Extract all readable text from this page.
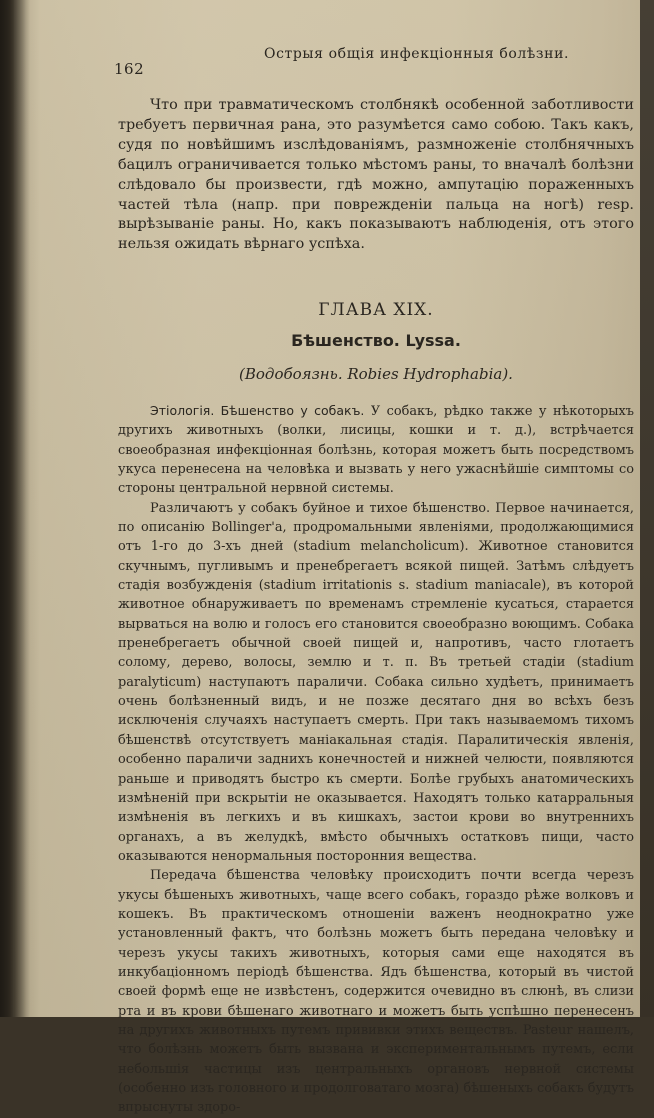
162
Острыя общiя инфекцiонныя болѣзни.

Что при травматическомъ столбнякѣ особенной заботливости требуетъ первичная рана, это разумѣется само собою. Такъ какъ, судя по новѣйшимъ изслѣдованiямъ, размноженiе столбнячныхъ бацилъ ограничивается только мѣстомъ раны, то вначалѣ болѣзни слѣдовало бы произвести, гдѣ можно, ампутацiю пораженныхъ частей тѣла (напр. при поврежденiи пальца на ногѣ) resp. вырѣзыванiе раны. Но, какъ показываютъ наблюденiя, отъ этого нельзя ожидать вѣрнаго успѣха.

ГЛАВА XIX.
Бѣшенство. Lyssa.
(Водобоязнь. Robies Hydrophabia).

Этiологiя. Бѣшенство у собакъ. У собакъ, рѣдко также у нѣкоторыхъ другихъ животныхъ (волки, лисицы, кошки и т. д.), встрѣчается своеобразная инфекцiонная болѣзнь, которая можетъ быть посредствомъ укуса перенесена на человѣка и вызвать у него ужаснѣйшiе симптомы со стороны центральной нервной системы.

Различаютъ у собакъ буйное и тихое бѣшенство. Первое начинается, по описанiю Bollinger'а, продромальными явленiями, продолжающимися отъ 1-го до 3-хъ дней (stadium melancholicum). Животное становится скучнымъ, пугливымъ и пренебрегаетъ всякой пищей. Затѣмъ слѣдуетъ стадiя возбужденiя (stadium irritationis s. stadium maniacale), въ которой животное обнаруживаетъ по временамъ стремленiе кусаться, старается вырваться на волю и голосъ его становится своеобразно воющимъ. Собака пренебрегаетъ обычной своей пищей и, напротивъ, часто глотаетъ солому, дерево, волосы, землю и т. п. Въ третьей стадiи (stadium paralyticum) наступаютъ параличи. Собака сильно худѣетъ, принимаетъ очень болѣзненный видъ, и не позже десятаго дня во всѣхъ безъ исключенiя случаяхъ наступаетъ смерть. При такъ называемомъ тихомъ бѣшенствѣ отсутствуетъ манiакальная стадiя. Паралитическiя явленiя, особенно параличи заднихъ конечностей и нижней челюсти, появляются раньше и приводятъ быстро къ смерти. Болѣе грубыхъ анатомическихъ измѣненiй при вскрытiи не оказывается. Находятъ только катарральныя измѣненiя въ легкихъ и въ кишкахъ, застои крови во внутреннихъ органахъ, а въ желудкѣ, вмѣсто обычныхъ остатковъ пищи, часто оказываются ненормальныя посторонния вещества.

Передача бѣшенства человѣку происходитъ почти всегда черезъ укусы бѣшеныхъ животныхъ, чаще всего собакъ, гораздо рѣже волковъ и кошекъ. Въ практическомъ отношенiи важенъ неоднократно уже установленный фактъ, что болѣзнь можетъ быть передана человѣку и черезъ укусы такихъ животныхъ, которыя сами еще находятся въ инкубацiонномъ перiодѣ бѣшенства. Ядъ бѣшенства, который въ чистой своей формѣ еще не извѣстенъ, содержится очевидно въ слюнѣ, въ слизи рта и въ крови бѣшенаго животнаго и можетъ быть успѣшно перенесенъ на другихъ животныхъ путемъ прививки этихъ веществъ. Pasteur нашелъ, что болѣзнь можетъ быть вызвана и экспериментальнымъ путемъ, если небольшiя частицы изъ центральныхъ органовъ нервной системы (особенно изъ головного и продолговатаго мозга) бѣшеныхъ собакъ будутъ впрыснуты здоро-
